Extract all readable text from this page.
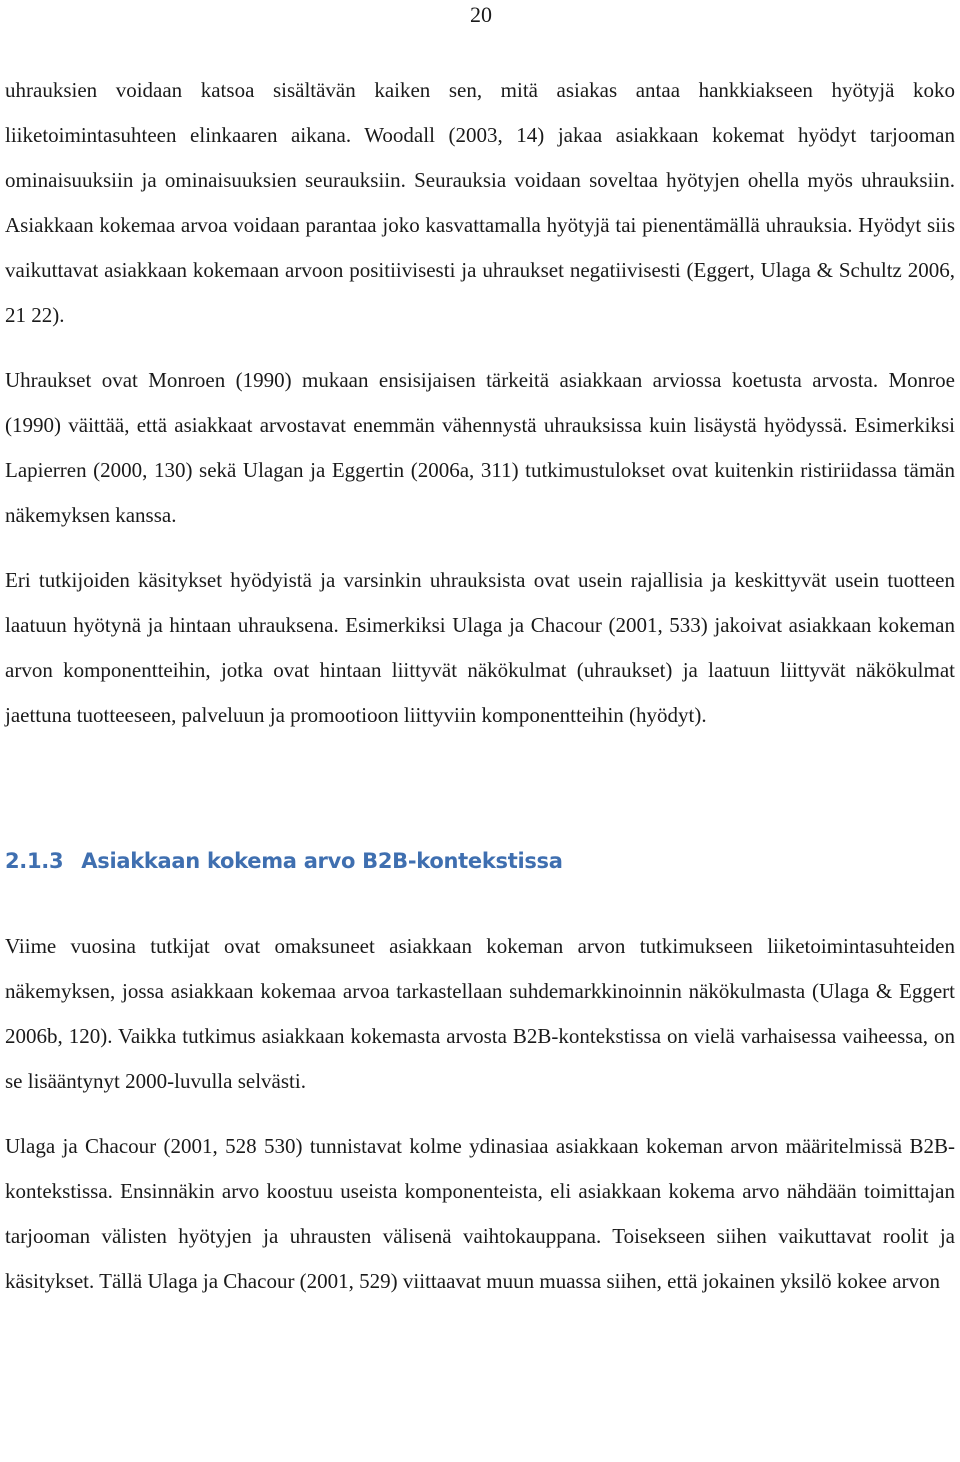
20

uhrauksien voidaan katsoa sisältävän kaiken sen, mitä asiakas antaa hankkiakseen hyötyjä koko liiketoimintasuhteen elinkaaren aikana. Woodall (2003, 14) jakaa asiakkaan kokemat hyödyt tarjooman ominaisuuksiin ja ominaisuuksien seurauksiin. Seurauksia voidaan soveltaa hyötyjen ohella myös uhrauksiin. Asiakkaan kokemaa arvoa voidaan parantaa joko kasvattamalla hyötyjä tai pienentämällä uhrauksia. Hyödyt siis vaikuttavat asiakkaan kokemaan arvoon positiivisesti ja uhraukset negatiivisesti (Eggert, Ulaga & Schultz 2006, 21 22).

Uhraukset ovat Monroen (1990) mukaan ensisijaisen tärkeitä asiakkaan arviossa koetusta arvosta. Monroe (1990) väittää, että asiakkaat arvostavat enemmän vähennystä uhrauksissa kuin lisäystä hyödyssä. Esimerkiksi Lapierren (2000, 130) sekä Ulagan ja Eggertin (2006a, 311) tutkimustulokset ovat kuitenkin ristiriidassa tämän näkemyksen kanssa.

Eri tutkijoiden käsitykset hyödyistä ja varsinkin uhrauksista ovat usein rajallisia ja keskittyvät usein tuotteen laatuun hyötynä ja hintaan uhrauksena. Esimerkiksi Ulaga ja Chacour (2001, 533) jakoivat asiakkaan kokeman arvon komponentteihin, jotka ovat hintaan liittyvät näkökulmat (uhraukset) ja laatuun liittyvät näkökulmat jaettuna tuotteeseen, palveluun ja promootioon liittyviin komponentteihin (hyödyt).

2.1.3 Asiakkaan kokema arvo B2B-kontekstissa

Viime vuosina tutkijat ovat omaksuneet asiakkaan kokeman arvon tutkimukseen liiketoimintasuhteiden näkemyksen, jossa asiakkaan kokemaa arvoa tarkastellaan suhdemarkkinoinnin näkökulmasta (Ulaga & Eggert 2006b, 120). Vaikka tutkimus asiakkaan kokemasta arvosta B2B-kontekstissa on vielä varhaisessa vaiheessa, on se lisääntynyt 2000-luvulla selvästi.

Ulaga ja Chacour (2001, 528 530) tunnistavat kolme ydinasiaa asiakkaan kokeman arvon määritelmissä B2B-kontekstissa. Ensinnäkin arvo koostuu useista komponenteista, eli asiakkaan kokema arvo nähdään toimittajan tarjooman välisten hyötyjen ja uhrausten välisenä vaihtokauppana. Toisekseen siihen vaikuttavat roolit ja käsitykset. Tällä Ulaga ja Chacour (2001, 529) viittaavat muun muassa siihen, että jokainen yksilö kokee arvon
